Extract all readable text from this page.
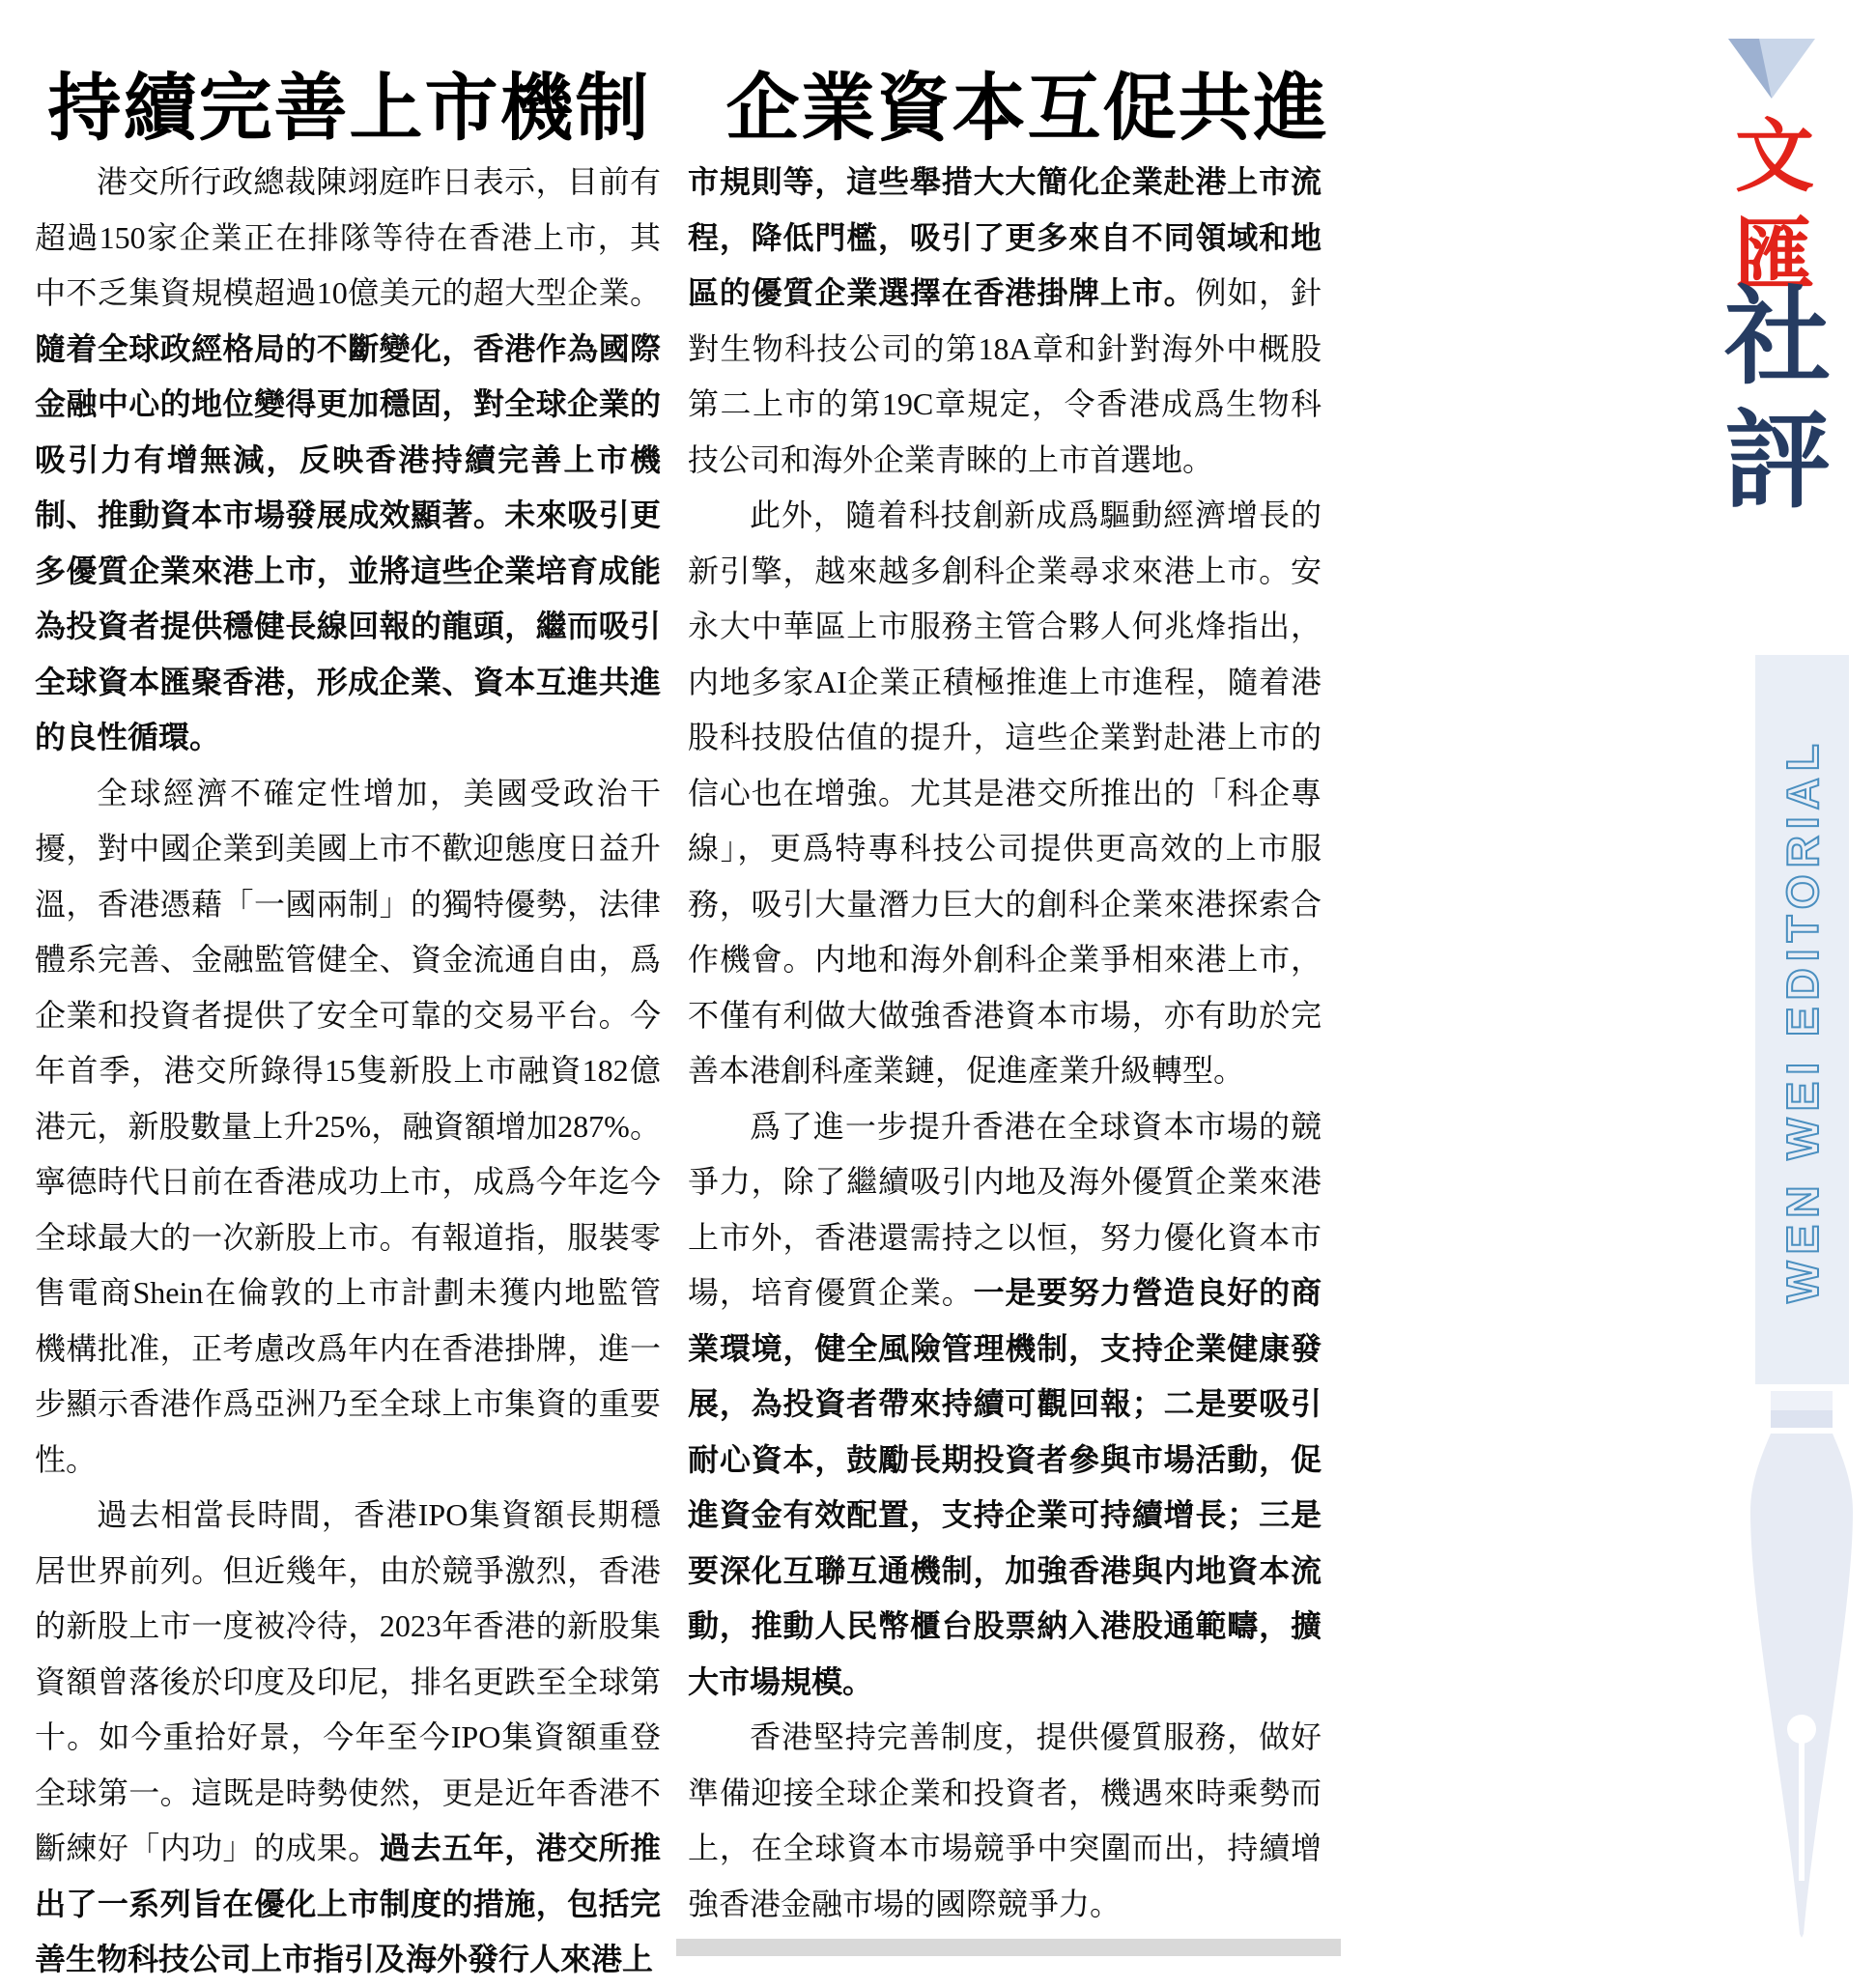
持續完善上市機制　企業資本互促共進

港交所行政總裁陳翊庭昨日表示，目前有超過150家企業正在排隊等待在香港上市，其中不乏集資規模超過10億美元的超大型企業。隨着全球政經格局的不斷變化，香港作為國際金融中心的地位變得更加穩固，對全球企業的吸引力有增無減，反映香港持續完善上市機制、推動資本市場發展成效顯著。未來吸引更多優質企業來港上市，並將這些企業培育成能為投資者提供穩健長線回報的龍頭，繼而吸引全球資本匯聚香港，形成企業、資本互進共進的良性循環。

全球經濟不確定性增加，美國受政治干擾，對中國企業到美國上市不歡迎態度日益升溫，香港憑藉「一國兩制」的獨特優勢，法律體系完善、金融監管健全、資金流通自由，爲企業和投資者提供了安全可靠的交易平台。今年首季，港交所錄得15隻新股上市融資182億港元，新股數量上升25%，融資額增加287%。寧德時代日前在香港成功上市，成爲今年迄今全球最大的一次新股上市。有報道指，服裝零售電商Shein在倫敦的上市計劃未獲内地監管機構批准，正考慮改爲年内在香港掛牌，進一步顯示香港作爲亞洲乃至全球上市集資的重要性。

過去相當長時間，香港IPO集資額長期穩居世界前列。但近幾年，由於競爭激烈，香港的新股上市一度被冷待，2023年香港的新股集資額曾落後於印度及印尼，排名更跌至全球第十。如今重拾好景，今年至今IPO集資額重登全球第一。這既是時勢使然，更是近年香港不斷練好「内功」的成果。過去五年，港交所推出了一系列旨在優化上市制度的措施，包括完善生物科技公司上市指引及海外發行人來港上

市規則等，這些舉措大大簡化企業赴港上市流程，降低門檻，吸引了更多來自不同領域和地區的優質企業選擇在香港掛牌上市。例如，針對生物科技公司的第18A章和針對海外中概股第二上市的第19C章規定，令香港成爲生物科技公司和海外企業青睞的上市首選地。

此外，隨着科技創新成爲驅動經濟增長的新引擎，越來越多創科企業尋求來港上市。安永大中華區上市服務主管合夥人何兆烽指出，内地多家AI企業正積極推進上市進程，隨着港股科技股估值的提升，這些企業對赴港上市的信心也在增強。尤其是港交所推出的「科企專線」，更爲特專科技公司提供更高效的上市服務，吸引大量潛力巨大的創科企業來港探索合作機會。内地和海外創科企業爭相來港上市，不僅有利做大做強香港資本市場，亦有助於完善本港創科產業鏈，促進產業升級轉型。

爲了進一步提升香港在全球資本市場的競爭力，除了繼續吸引内地及海外優質企業來港上市外，香港還需持之以恒，努力優化資本市場，培育優質企業。一是要努力營造良好的商業環境，健全風險管理機制，支持企業健康發展，為投資者帶來持續可觀回報；二是要吸引耐心資本，鼓勵長期投資者參與市場活動，促進資金有效配置，支持企業可持續增長；三是要深化互聯互通機制，加強香港與内地資本流動，推動人民幣櫃台股票納入港股通範疇，擴大市場規模。

香港堅持完善制度，提供優質服務，做好準備迎接全球企業和投資者，機遇來時乘勢而上，在全球資本市場競爭中突圍而出，持續增強香港金融市場的國際競爭力。

文匯
社評
WEN WEI EDITORIAL
